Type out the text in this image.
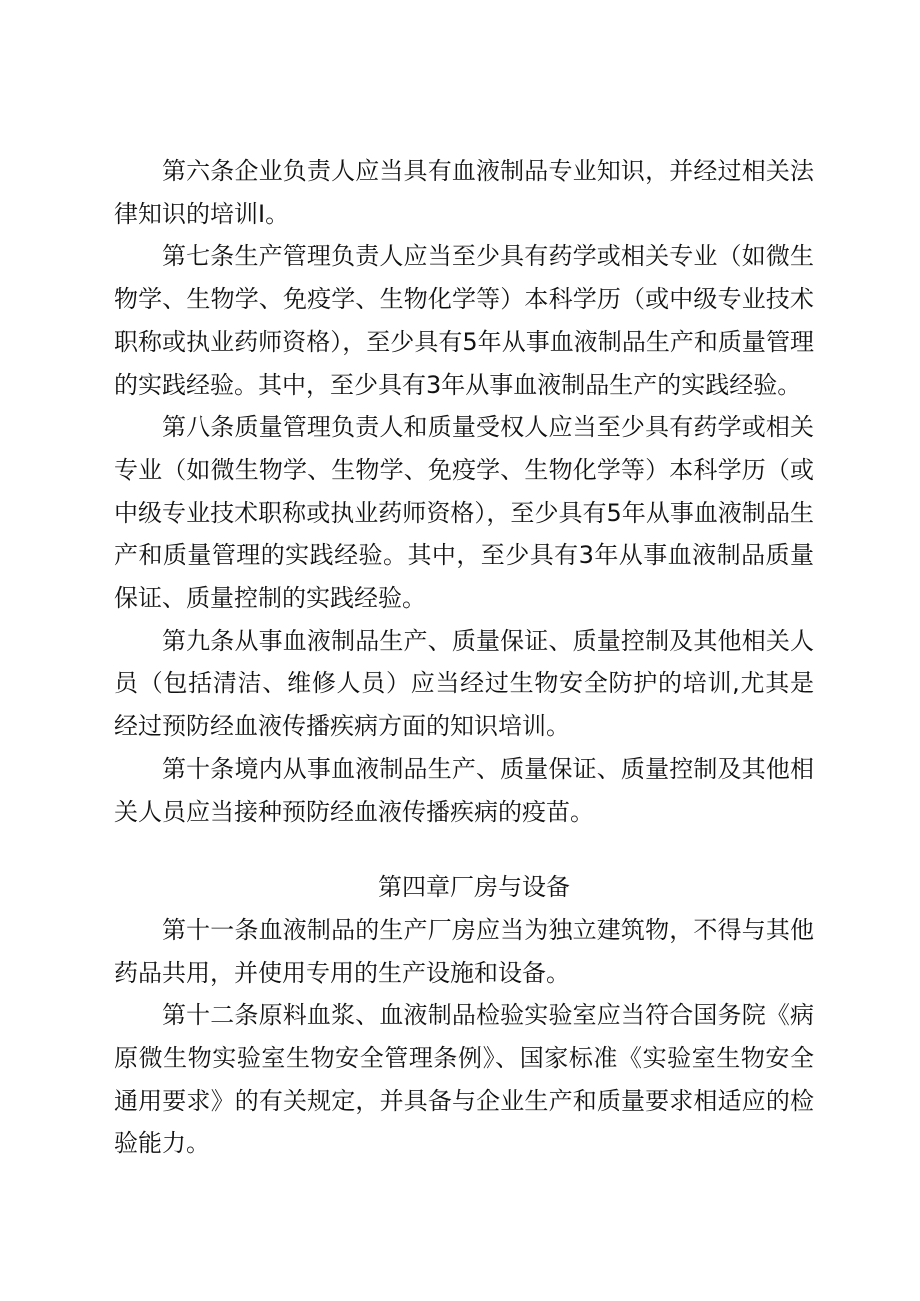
第六条企业负责人应当具有血液制品专业知识，并经过相关法律知识的培训I。

第七条生产管理负责人应当至少具有药学或相关专业（如微生物学、生物学、免疫学、生物化学等）本科学历（或中级专业技术职称或执业药师资格），至少具有5年从事血液制品生产和质量管理的实践经验。其中，至少具有3年从事血液制品生产的实践经验。

第八条质量管理负责人和质量受权人应当至少具有药学或相关专业（如微生物学、生物学、免疫学、生物化学等）本科学历（或中级专业技术职称或执业药师资格），至少具有5年从事血液制品生产和质量管理的实践经验。其中，至少具有3年从事血液制品质量保证、质量控制的实践经验。

第九条从事血液制品生产、质量保证、质量控制及其他相关人员（包括清洁、维修人员）应当经过生物安全防护的培训,尤其是经过预防经血液传播疾病方面的知识培训。

第十条境内从事血液制品生产、质量保证、质量控制及其他相关人员应当接种预防经血液传播疾病的疫苗。

第四章厂房与设备

第十一条血液制品的生产厂房应当为独立建筑物，不得与其他药品共用，并使用专用的生产设施和设备。

第十二条原料血浆、血液制品检验实验室应当符合国务院《病原微生物实验室生物安全管理条例》、国家标准《实验室生物安全通用要求》的有关规定，并具备与企业生产和质量要求相适应的检验能力。
